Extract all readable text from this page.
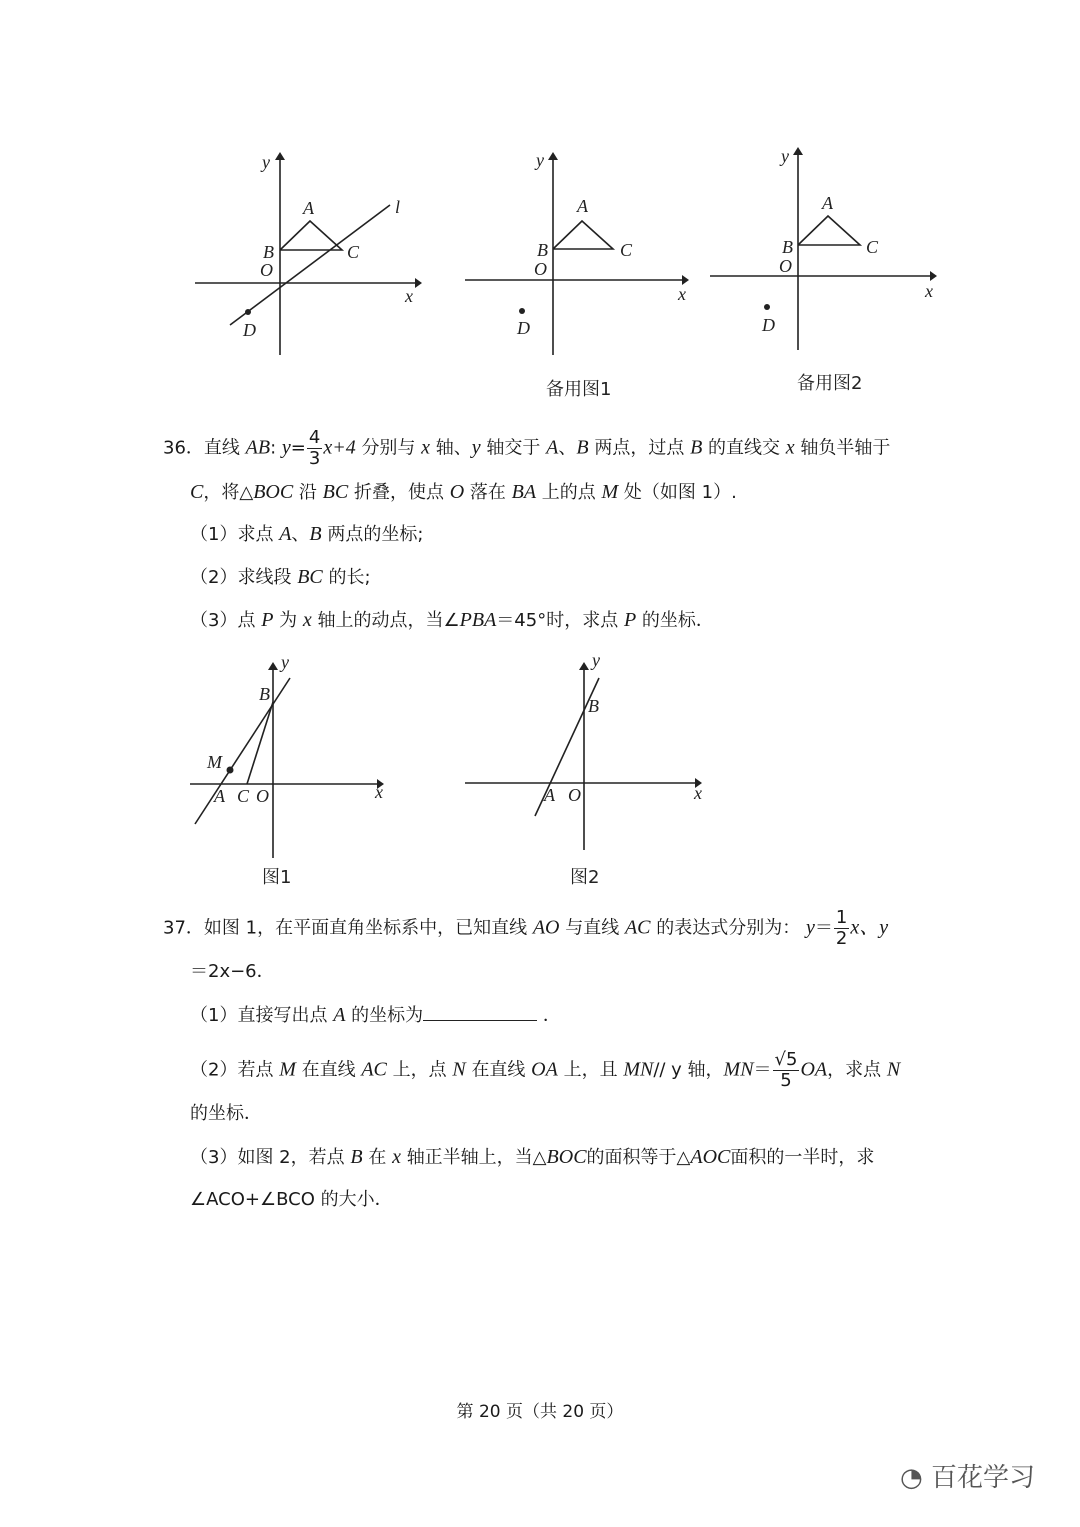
y
x
A
B	C
O
D
l
y
x
A
B	C
O
D
备用图1
y
x
A
B	C
O
D
备用图2
36．直线 AB: $y= \frac{4}{3} x+4$ 分别与 x 轴、y 轴交于 A、B 两点，过点 B 的直线交 x 轴负半轴于
C，将△BOC 沿 BC 折叠，使点 O 落在 BA 上的点 M 处（如图 1）.
（1）求点 A、B 两点的坐标;
（2）求线段 BC 的长;
（3）点 P 为 x 轴上的动点，当∠PBA＝45°时，求点 P 的坐标．
y
x
B
M
A C O
图1
y
x
B
A O
图2
37．如图 1，在平面直角坐标系中，已知直线 AO 与直线 AC 的表达式分别为： $y= \frac{1}{2}$ x、y
＝2x−6．
（1）直接写出点 A 的坐标为	．
（2）若点 M 在直线 AC 上，点 N 在直线 OA 上，且 MN// y 轴，$MN= \frac{√5}{5}$ OA，求点 N
的坐标．
（3）如图 2，若点 B 在 x 轴正半轴上，当△BOC的面积等于△AOC面积的一半时，求
∠ACO+∠BCO 的大小．
第 20 页（共 20 页）
◔ 百花学习
